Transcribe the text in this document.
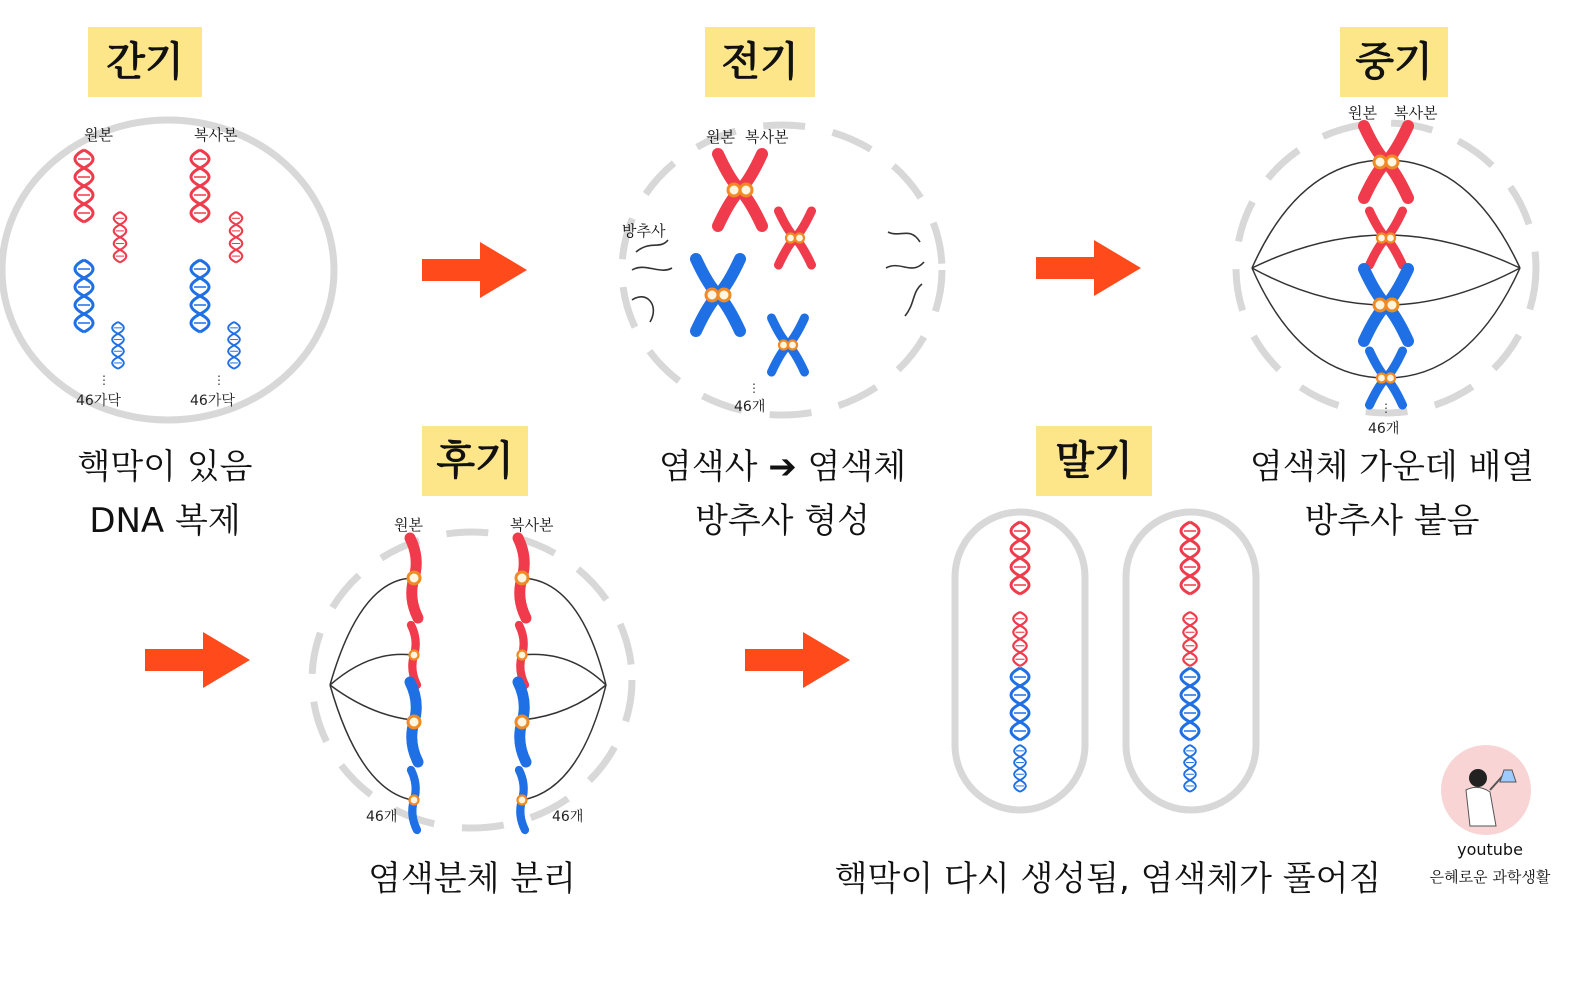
⋮	⋮
⋮
⋮
간기	전기	중기
후기	말기
원본	복사본
46가닥	46가닥
원본 복사본
방추사
46개
원본 복사본
46개
원본	복사본
46개	46개
핵막이 있음
DNA 복제
염색사 ➔ 염색체
방추사 형성
염색체 가운데 배열
방추사 붙음
염색분체 분리	핵막이 다시 생성됨, 염색체가 풀어짐
youtube
은혜로운 과학생활
